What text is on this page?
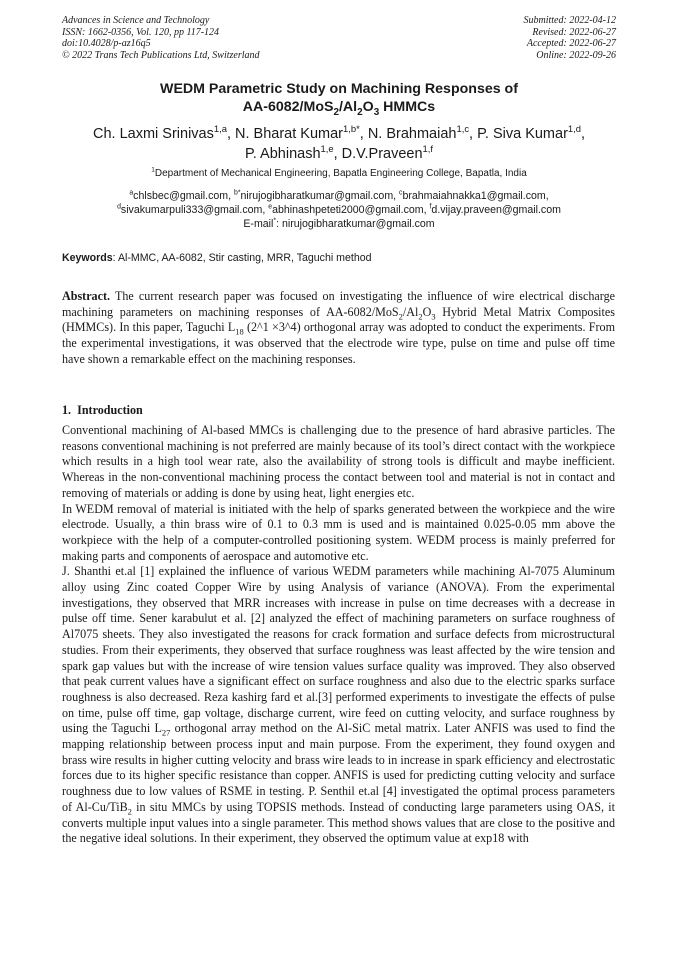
Advances in Science and Technology
ISSN: 1662-0356, Vol. 120, pp 117-124
doi:10.4028/p-az16q5
© 2022 Trans Tech Publications Ltd, Switzerland
Submitted: 2022-04-12
Revised: 2022-06-27
Accepted: 2022-06-27
Online: 2022-09-26
WEDM Parametric Study on Machining Responses of
$AA-6082/MoS_2/Al_2O_3$ HMMCs
Ch. Laxmi Srinivas$^{1,a}$, N. Bharat Kumar$^{1,b*}$, N. Brahmaiah$^{1,c}$, P. Siva Kumar$^{1,d}$,
P. Abhinash$^{1,e}$, D.V.Praveen$^{1,f}$
$^1$Department of Mechanical Engineering, Bapatla Engineering College, Bapatla, India
$^a$chlsbec@gmail.com, $^{b*}$nirujogibharatkumar@gmail.com, $^c$brahmaiahnakka1@gmail.com,
$^d$sivakumarpuli333@gmail.com, $^e$abhinashpeteti2000@gmail.com, $^f$d.vijay.praveen@gmail.com
E-mail*: nirujogibharatkumar@gmail.com
Keywords: Al-MMC, AA-6082, Stir casting, MRR, Taguchi method
Abstract. The current research paper was focused on investigating the influence of wire electrical discharge machining parameters on machining responses of $AA-6082/MoS_2/Al_2O_3$ Hybrid Metal Matrix Composites (HMMCs). In this paper, Taguchi $L_{18}$ (2^1 ×3^4) orthogonal array was adopted to conduct the experiments. From the experimental investigations, it was observed that the electrode wire type, pulse on time and pulse off time have shown a remarkable effect on the machining responses.
1. Introduction

Conventional machining of Al-based MMCs is challenging due to the presence of hard abrasive particles. The reasons conventional machining is not preferred are mainly because of its tool’s direct contact with the workpiece which results in a high tool wear rate, also the availability of strong tools is difficult and maybe inefficient. Whereas in the non-conventional machining process the contact between tool and material is not in contact and removing of materials or adding is done by using heat, light energies etc.

In WEDM removal of material is initiated with the help of sparks generated between the workpiece and the wire electrode. Usually, a thin brass wire of 0.1 to 0.3 mm is used and is maintained 0.025-0.05 mm above the workpiece with the help of a computer-controlled positioning system. WEDM process is mainly preferred for making parts and components of aerospace and automotive etc.

J. Shanthi et.al [1] explained the influence of various WEDM parameters while machining Al-7075 Aluminum alloy using Zinc coated Copper Wire by using Analysis of variance (ANOVA). From the experimental investigations, they observed that MRR increases with increase in pulse on time decreases with a decrease in pulse off time. Sener karabulut et al. [2] analyzed the effect of machining parameters on surface roughness of Al7075 sheets. They also investigated the reasons for crack formation and surface defects from microstructural studies. From their experiments, they observed that surface roughness was least affected by the wire tension and spark gap values but with the increase of wire tension values surface quality was improved. They also observed that peak current values have a significant effect on surface roughness and also due to the electric sparks surface roughness is also decreased. Reza kashirg fard et al.[3] performed experiments to investigate the effects of pulse on time, pulse off time, gap voltage, discharge current, wire feed on cutting velocity, and surface roughness by using the Taguchi $L_{27}$ orthogonal array method on the Al-SiC metal matrix. Later ANFIS was used to find the mapping relationship between process input and main purpose. From the experiment, they found oxygen and brass wire results in higher cutting velocity and brass wire leads to in increase in spark efficiency and electrostatic forces due to its higher specific resistance than copper. ANFIS is used for predicting cutting velocity and surface roughness due to low values of RSME in testing. P. Senthil et.al [4] investigated the optimal process parameters of Al-Cu/TiB$_2$ in situ MMCs by using TOPSIS methods. Instead of conducting large parameters using OAS, it converts multiple input values into a single parameter. This method shows values that are close to the positive and the negative ideal solutions. In their experiment, they observed the optimum value at exp18 with
